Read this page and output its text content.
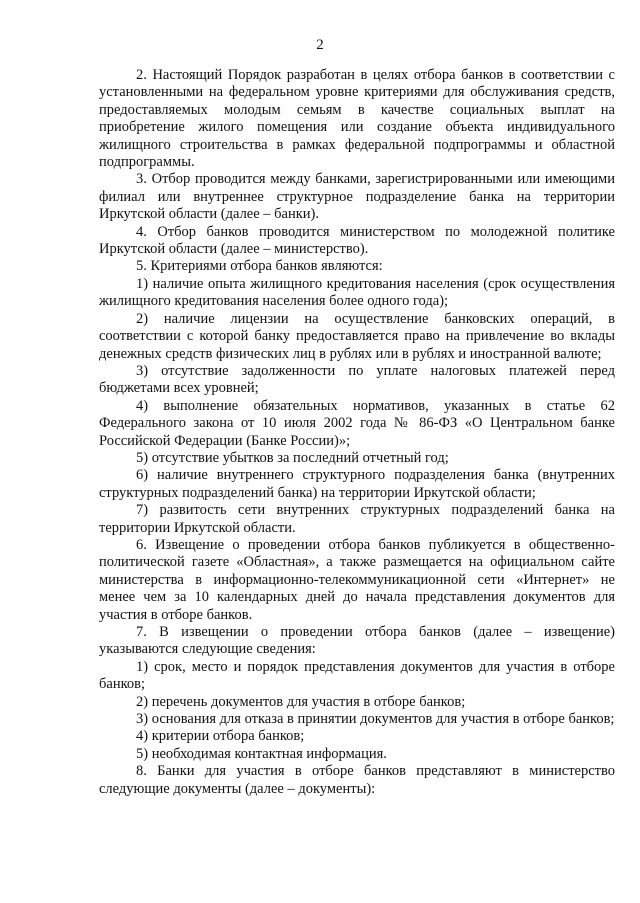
2

2. Настоящий Порядок разработан в целях отбора банков в соответствии с установленными на федеральном уровне критериями для обслуживания средств, предоставляемых молодым семьям в качестве социальных выплат на приобретение жилого помещения или создание объекта индивидуального жилищного строительства в рамках федеральной подпрограммы и областной подпрограммы.

3. Отбор проводится между банками, зарегистрированными или имеющими филиал или внутреннее структурное подразделение банка на территории Иркутской области (далее – банки).

4. Отбор банков проводится министерством по молодежной политике Иркутской области (далее – министерство).

5. Критериями отбора банков являются:

1) наличие опыта жилищного кредитования населения (срок осуществления жилищного кредитования населения более одного года);

2) наличие лицензии на осуществление банковских операций, в соответствии с которой банку предоставляется право на привлечение во вклады денежных средств физических лиц в рублях или в рублях и иностранной валюте;

3) отсутствие задолженности по уплате налоговых платежей перед бюджетами всех уровней;

4) выполнение обязательных нормативов, указанных в статье 62 Федерального закона от 10 июля 2002 года № 86-ФЗ «О Центральном банке Российской Федерации (Банке России)»;

5) отсутствие убытков за последний отчетный год;

6) наличие внутреннего структурного подразделения банка (внутренних структурных подразделений банка) на территории Иркутской области;

7) развитость сети внутренних структурных подразделений банка на территории Иркутской области.

6. Извещение о проведении отбора банков публикуется в общественно-политической газете «Областная», а также размещается на официальном сайте министерства в информационно-телекоммуникационной сети «Интернет» не менее чем за 10 календарных дней до начала представления документов для участия в отборе банков.

7. В извещении о проведении отбора банков (далее – извещение) указываются следующие сведения:

1) срок, место и порядок представления документов для участия в отборе банков;

2) перечень документов для участия в отборе банков;

3) основания для отказа в принятии документов для участия в отборе банков;

4) критерии отбора банков;

5) необходимая контактная информация.

8. Банки для участия в отборе банков представляют в министерство следующие документы (далее – документы):
